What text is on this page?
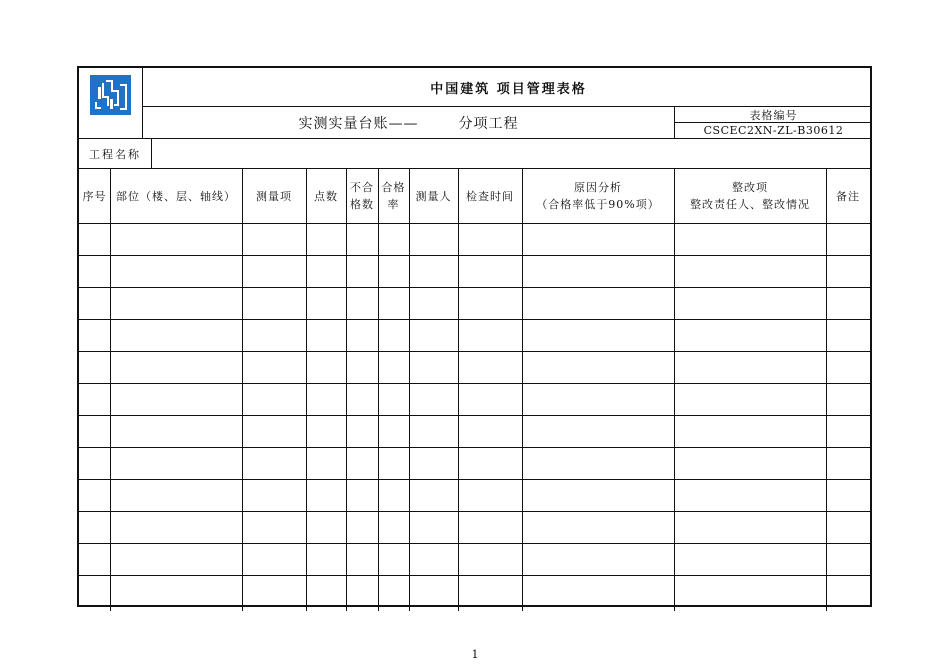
中国建筑 项目管理表格
实测实量台账——	分项工程
表格编号
CSCEC2XN-ZL-B30612
工程名称
序号 部位（楼、层、轴线） 测量项 点数
不合
格数
合格
率
测量人 检查时间
原因分析
（合格率低于90%项）
整改项
整改责任人、整改情况
备注
1
